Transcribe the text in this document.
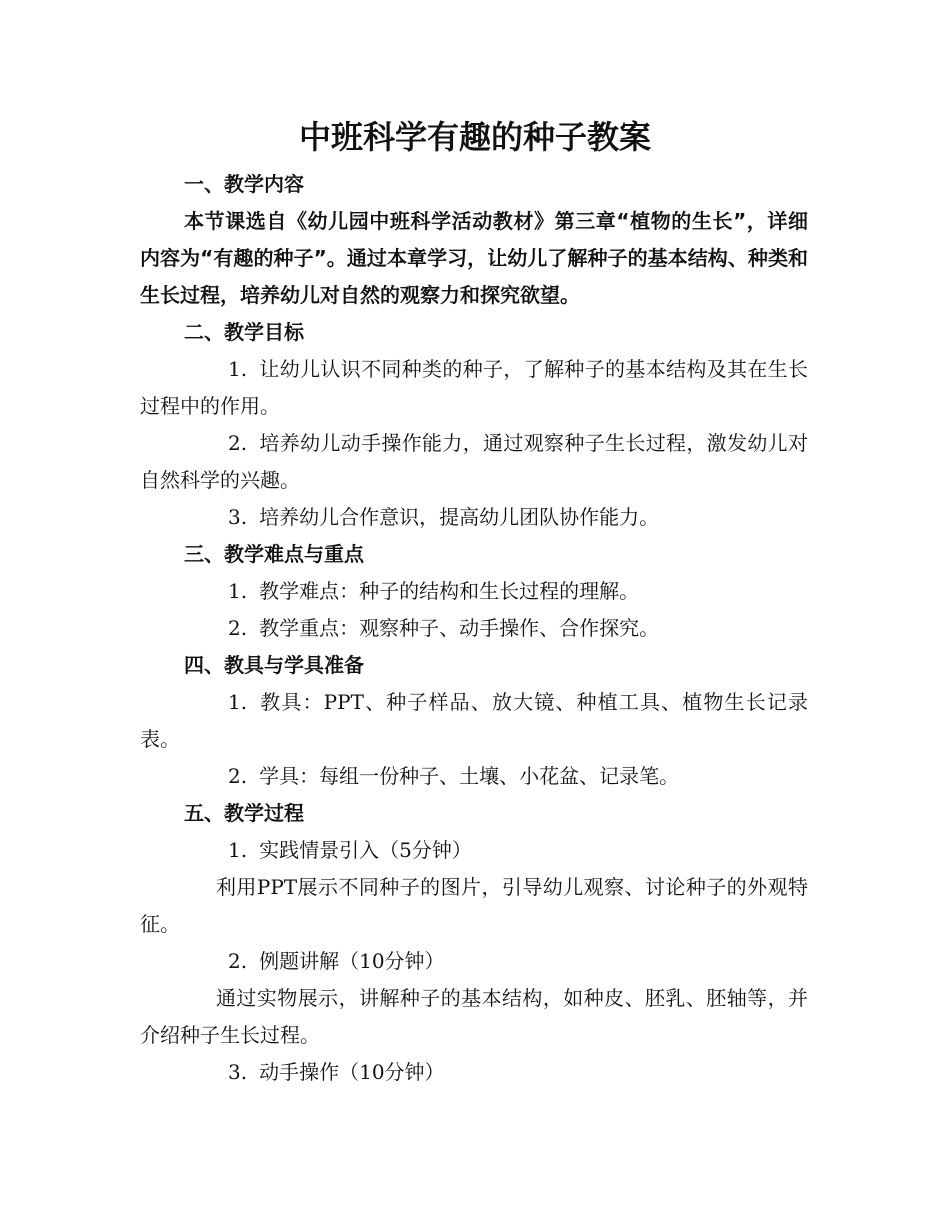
中班科学有趣的种子教案

一、教学内容

本节课选自《幼儿园中班科学活动教材》第三章“植物的生长”，详细内容为“有趣的种子”。通过本章学习，让幼儿了解种子的基本结构、种类和生长过程，培养幼儿对自然的观察力和探究欲望。

二、教学目标

1. 让幼儿认识不同种类的种子，了解种子的基本结构及其在生长过程中的作用。

2. 培养幼儿动手操作能力，通过观察种子生长过程，激发幼儿对自然科学的兴趣。

3. 培养幼儿合作意识，提高幼儿团队协作能力。

三、教学难点与重点

1. 教学难点：种子的结构和生长过程的理解。

2. 教学重点：观察种子、动手操作、合作探究。

四、教具与学具准备

1. 教具：PPT、种子样品、放大镜、种植工具、植物生长记录表。

2. 学具：每组一份种子、土壤、小花盆、记录笔。

五、教学过程

1. 实践情景引入（5分钟）

利用PPT展示不同种子的图片，引导幼儿观察、讨论种子的外观特征。

2. 例题讲解（10分钟）

通过实物展示，讲解种子的基本结构，如种皮、胚乳、胚轴等，并介绍种子生长过程。

3. 动手操作（10分钟）
